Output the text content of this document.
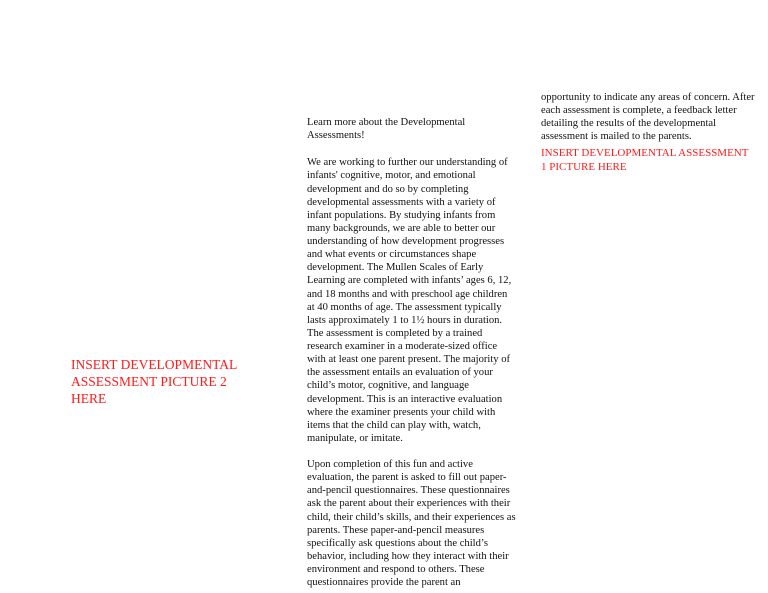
INSERT DEVELOPMENTAL ASSESSMENT PICTURE 2 HERE

Learn more about the Developmental Assessments!

We are working to further our understanding of infants' cognitive, motor, and emotional development and do so by completing developmental assessments with a variety of infant populations. By studying infants from many backgrounds, we are able to better our understanding of how development progresses and what events or circumstances shape development. The Mullen Scales of Early Learning are completed with infants’ ages 6, 12, and 18 months and with preschool age children at 40 months of age. The assessment typically lasts approximately 1 to 1½ hours in duration. The assessment is completed by a trained research examiner in a moderate-sized office with at least one parent present. The majority of the assessment entails an evaluation of your child’s motor, cognitive, and language development. This is an interactive evaluation where the examiner presents your child with items that the child can play with, watch, manipulate, or imitate.

Upon completion of this fun and active evaluation, the parent is asked to fill out paper-and-pencil questionnaires. These questionnaires ask the parent about their experiences with their child, their child’s skills, and their experiences as parents. These paper-and-pencil measures specifically ask questions about the child’s behavior, including how they interact with their environment and respond to others. These questionnaires provide the parent an

opportunity to indicate any areas of concern. After each assessment is complete, a feedback letter detailing the results of the developmental assessment is mailed to the parents.

INSERT DEVELOPMENTAL ASSESSMENT 1 PICTURE HERE
